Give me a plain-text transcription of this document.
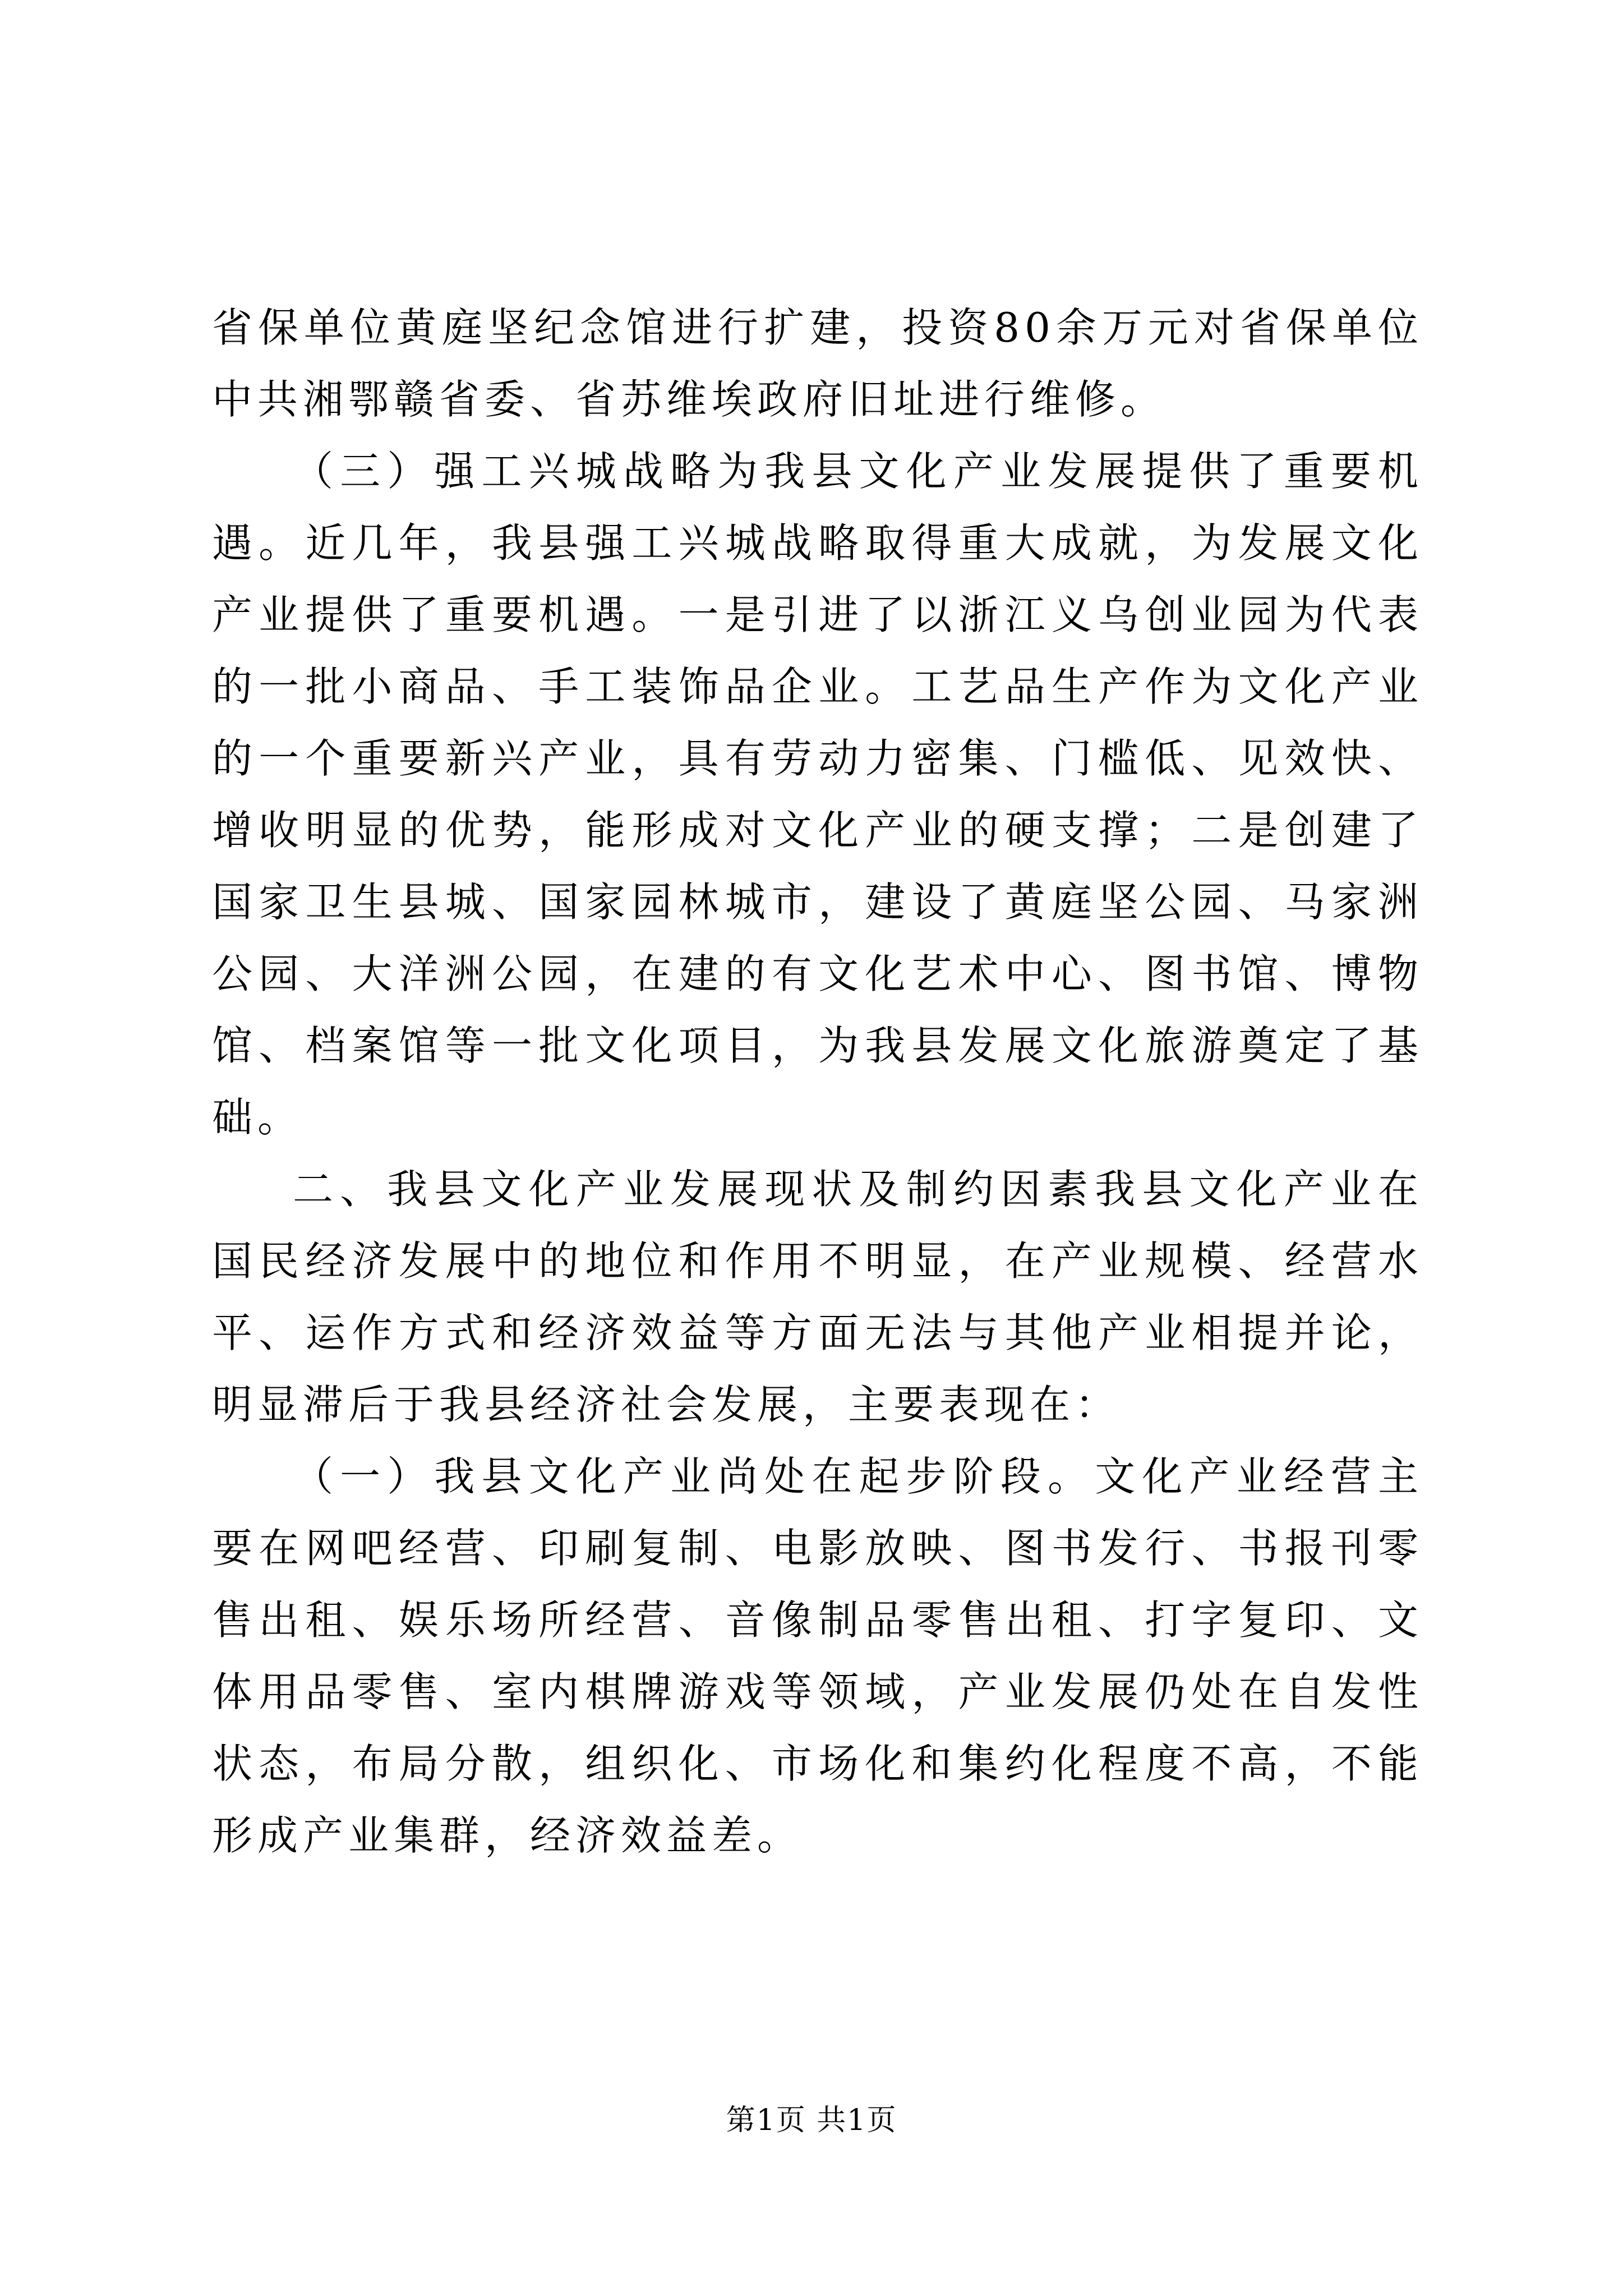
省保单位黄庭坚纪念馆进行扩建，投资80余万元对省保单位中共湘鄂赣省委、省苏维埃政府旧址进行维修。

（三）强工兴城战略为我县文化产业发展提供了重要机遇。近几年，我县强工兴城战略取得重大成就，为发展文化产业提供了重要机遇。一是引进了以浙江义乌创业园为代表的一批小商品、手工装饰品企业。工艺品生产作为文化产业的一个重要新兴产业，具有劳动力密集、门槛低、见效快、增收明显的优势，能形成对文化产业的硬支撑；二是创建了国家卫生县城、国家园林城市，建设了黄庭坚公园、马家洲公园、大洋洲公园，在建的有文化艺术中心、图书馆、博物馆、档案馆等一批文化项目，为我县发展文化旅游奠定了基础。

二、我县文化产业发展现状及制约因素我县文化产业在国民经济发展中的地位和作用不明显，在产业规模、经营水平、运作方式和经济效益等方面无法与其他产业相提并论，明显滞后于我县经济社会发展，主要表现在：

（一）我县文化产业尚处在起步阶段。文化产业经营主要在网吧经营、印刷复制、电影放映、图书发行、书报刊零售出租、娱乐场所经营、音像制品零售出租、打字复印、文体用品零售、室内棋牌游戏等领域，产业发展仍处在自发性状态，布局分散，组织化、市场化和集约化程度不高，不能形成产业集群，经济效益差。

第1页 共1页
